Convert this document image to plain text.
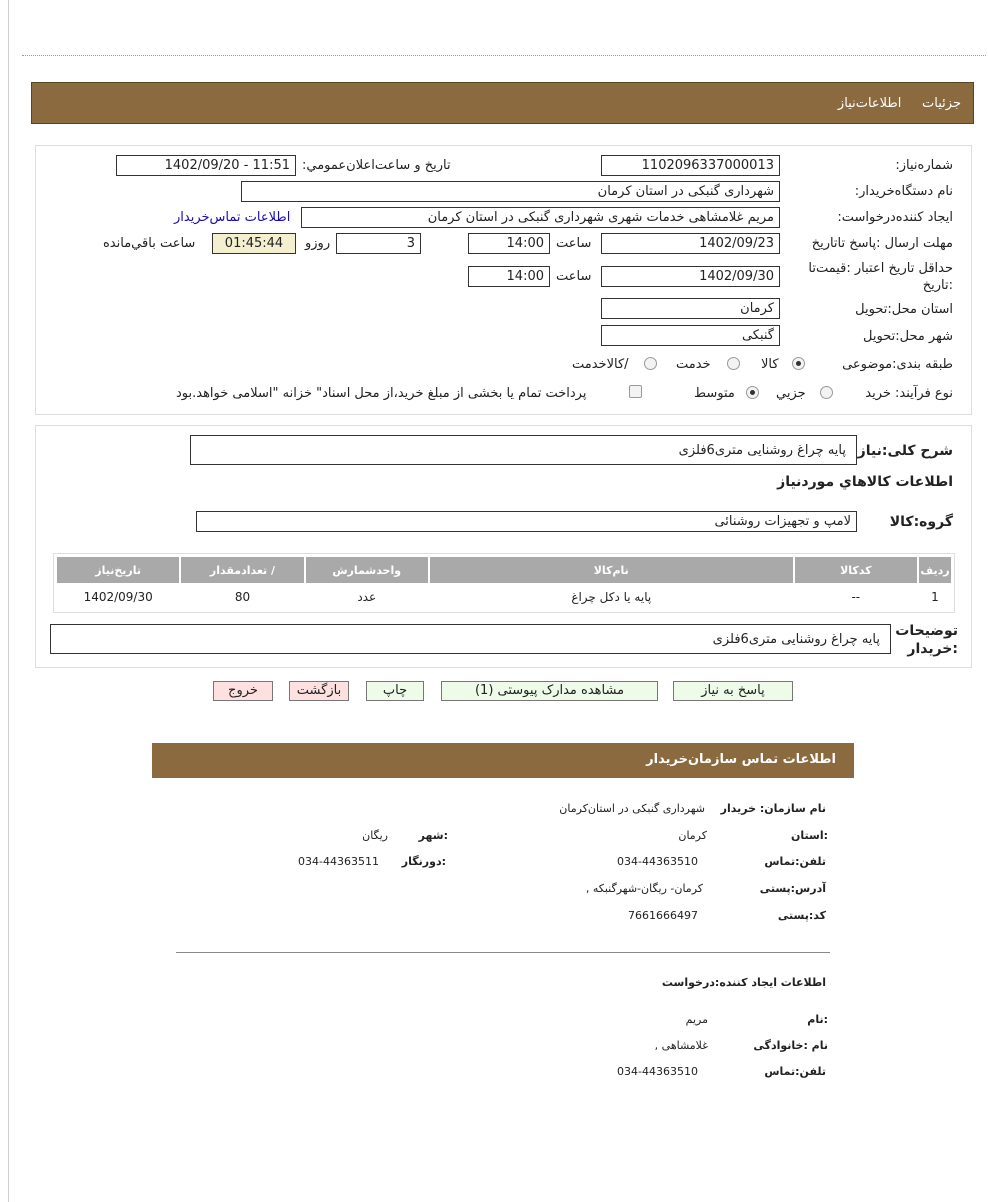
جزئیات     اطلاعات‌نیاز
شماره‌نیاز:
1102096337000013
تاریخ و ساعت‌اعلان‌عمومي:
1402/09/20 - 11:51
نام دستگاه‌خریدار:
شهرداری گنبکی در استان کرمان
ایجاد کننده‌درخواست:
مریم غلامشاهی خدمات شهری شهرداری گنبکی در استان کرمان
اطلاعات تماس‌خریدار
مهلت ارسال :پاسخ تا‌تاریخ
1402/09/23
ساعت
14:00
3
روزو
01:45:44
ساعت باقي‌مانده
حداقل تاریخ اعتبار :قیمت‌تا
:تاریخ
1402/09/30
ساعت
14:00
استان محل:تحویل
کرمان
شهر محل:تحویل
گنبکی
طبقه بندی:موضوعی
کالا
خدمت
/کالاخدمت
نوع فرآیند: خرید
جزیي
متوسط
پرداخت تمام یا بخشی از مبلغ خرید،از محل اسناد" خزانه "اسلامی خواهد.بود
شرح کلی:نیاز
پایه چراغ روشنایی متری6فلزی
اطلاعات کالاهاي مورد‌نیاز
گروه:کالا
لامپ و تجهیزات روشنائی
ردیف	کدکالا	نام‌کالا	واحد‌شمارش	/ تعداد‌مقدار	تاریخ‌نیاز
1	--	پایه یا دکل چراغ	عدد	80	1402/09/30
توضیحات
:خریدار
پایه چراغ روشنایی متری6فلزی
پاسخ به نیاز
مشاهده مدارک پیوستی (1)
چاپ
بازگشت
خروج
اطلاعات تماس سازمان‌خریدار
نام سازمان: خریدار
شهرداری گنبکی در استان‌کرمان
:استان
کرمان
:شهر
ریگان
تلفن:تماس
034-44363510
:دورنگار
034-44363511
آدرس:پستی
کرمان- ریگان-شهرگنبکه ,
کد:پستی
7661666497
اطلاعات ایجاد کننده:درخواست
:نام
مریم
نام :خانوادگی
غلامشاهی ,
تلفن:تماس
034-44363510
